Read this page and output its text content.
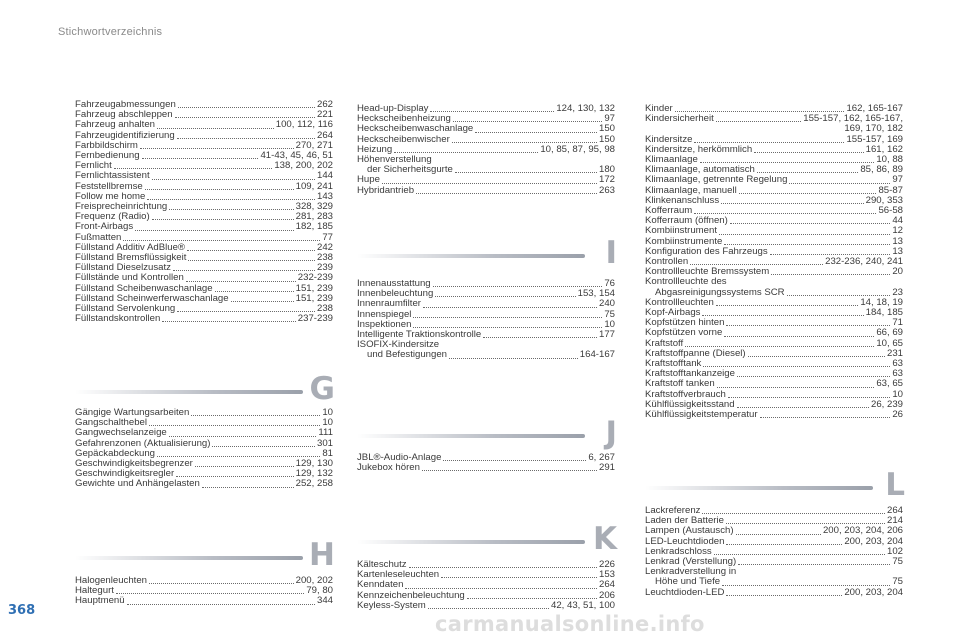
Stichwortverzeichnis
Fahrzeugabmessungen	262
Fahrzeug abschleppen	221
Fahrzeug anhalten	100, 112, 116
Fahrzeugidentifizierung	264
Farbbildschirm	270, 271
Fernbedienung	41-43, 45, 46, 51
Fernlicht	138, 200, 202
Fernlichtassistent	144
Feststellbremse	109, 241
Follow me home	143
Freisprecheinrichtung	328, 329
Frequenz (Radio)	281, 283
Front-Airbags	182, 185
Fußmatten	77
Füllstand Additiv AdBlue®	242
Füllstand Bremsflüssigkeit	238
Füllstand Dieselzusatz	239
Füllstände und Kontrollen	232-239
Füllstand Scheibenwaschanlage	151, 239
Füllstand Scheinwerferwaschanlage	151, 239
Füllstand Servolenkung	238
Füllstandskontrollen	237-239
G
Gängige Wartungsarbeiten	10
Gangschalthebel	10
Gangwechselanzeige	111
Gefahrenzonen (Aktualisierung)	301
Gepäckabdeckung	81
Geschwindigkeitsbegrenzer	129, 130
Geschwindigkeitsregler	129, 132
Gewichte und Anhängelasten	252, 258
H
Halogenleuchten	200, 202
Haltegurt	79, 80
Hauptmenü	344
Head-up-Display	124, 130, 132
Heckscheibenheizung	97
Heckscheibenwaschanlage	150
Heckscheibenwischer	150
Heizung	10, 85, 87, 95, 98
Höhenverstellung
der Sicherheitsgurte	180
Hupe	172
Hybridantrieb	263
I
Innenausstattung	76
Innenbeleuchtung	153, 154
Innenraumfilter	240
Innenspiegel	75
Inspektionen	10
Intelligente Traktionskontrolle	177
ISOFIX-Kindersitze
und Befestigungen	164-167
J
JBL®-Audio-Anlage	6, 267
Jukebox hören	291
K
Kälteschutz	226
Kartenleseleuchten	153
Kenndaten	264
Kennzeichenbeleuchtung	206
Keyless-System	42, 43, 51, 100
Kinder	162, 165-167
Kindersicherheit	155-157, 162, 165-167,
169, 170, 182
Kindersitze	155-157, 169
Kindersitze, herkömmlich	161, 162
Klimaanlage	10, 88
Klimaanlage, automatisch	85, 86, 89
Klimaanlage, getrennte Regelung	97
Klimaanlage, manuell	85-87
Klinkenanschluss	290, 353
Kofferraum	56-58
Kofferraum (öffnen)	44
Kombiinstrument	12
Kombiinstrumente	13
Konfiguration des Fahrzeugs	13
Kontrollen	232-236, 240, 241
Kontrollleuchte Bremssystem	20
Kontrollleuchte des
Abgasreinigungssystems SCR	23
Kontrollleuchten	14, 18, 19
Kopf-Airbags	184, 185
Kopfstützen hinten	71
Kopfstützen vorne	66, 69
Kraftstoff	10, 65
Kraftstoffpanne (Diesel)	231
Kraftstofftank	63
Kraftstofftankanzeige	63
Kraftstoff tanken	63, 65
Kraftstoffverbrauch	10
Kühlflüssigkeitsstand	26, 239
Kühlflüssigkeitstemperatur	26
L
Lackreferenz	264
Laden der Batterie	214
Lampen (Austausch)	200, 203, 204, 206
LED-Leuchtdioden	200, 203, 204
Lenkradschloss	102
Lenkrad (Verstellung)	75
Lenkradverstellung in
Höhe und Tiefe	75
Leuchtdioden-LED	200, 203, 204
368
carmanualsonline.info
